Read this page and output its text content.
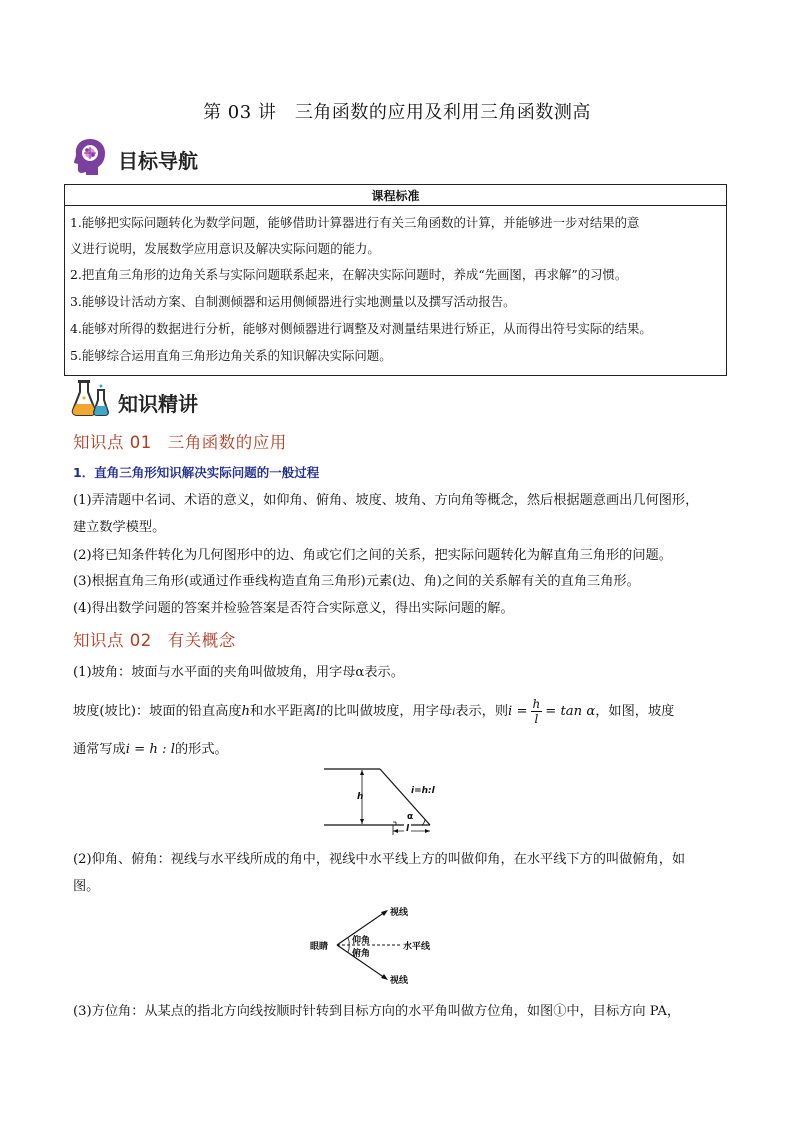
第 03 讲　三角函数的应用及利用三角函数测高
目标导航
课程标准
1.能够把实际问题转化为数学问题，能够借助计算器进行有关三角函数的计算，并能够进一步对结果的意
义进行说明，发展数学应用意识及解决实际问题的能力。
2.把直角三角形的边角关系与实际问题联系起来，在解决实际问题时，养成“先画图，再求解”的习惯。
3.能够设计活动方案、自制测倾器和运用侧倾器进行实地测量以及撰写活动报告。
4.能够对所得的数据进行分析，能够对侧倾器进行调整及对测量结果进行矫正，从而得出符号实际的结果。
5.能够综合运用直角三角形边角关系的知识解决实际问题。
知识精讲
知识点 01 三角函数的应用
1．直角三角形知识解决实际问题的一般过程
(1)弄清题中名词、术语的意义，如仰角、俯角、坡度、坡角、方向角等概念，然后根据题意画出几何图形，
建立数学模型。
(2)将已知条件转化为几何图形中的边、角或它们之间的关系，把实际问题转化为解直角三角形的问题。
(3)根据直角三角形(或通过作垂线构造直角三角形)元素(边、角)之间的关系解有关的直角三角形。
(4)得出数学问题的答案并检验答案是否符合实际意义，得出实际问题的解。
知识点 02 有关概念
(1)坡角：坡面与水平面的夹角叫做坡角，用字母α表示。
坡度(坡比)：坡面的铅直高度h和水平距离l的比叫做坡度，用字母i表示，则$i = \frac{h}{l} = \tan \alpha$，如图，坡度
通常写成i = h : l的形式。
h
i=h:l
α
l
(2)仰角、俯角：视线与水平线所成的角中，视线中水平线上方的叫做仰角，在水平线下方的叫做俯角，如
图。
视线
眼睛
仰角
俯角
水平线
视线
(3)方位角：从某点的指北方向线按顺时针转到目标方向的水平角叫做方位角，如图①中，目标方向 PA，
